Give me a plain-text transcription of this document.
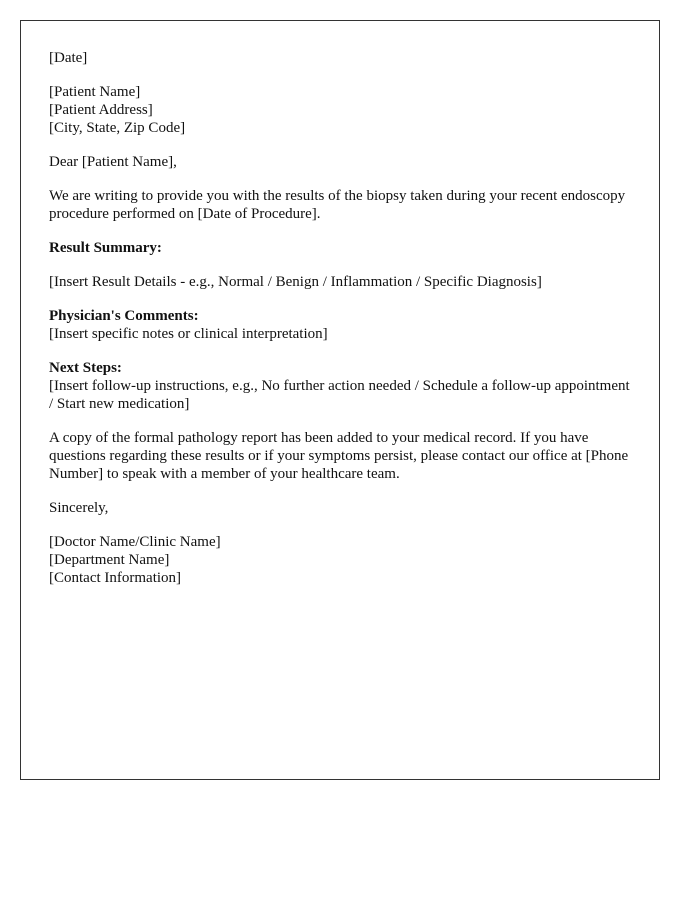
[Date]

[Patient Name]
[Patient Address]
[City, State, Zip Code]

Dear [Patient Name],

We are writing to provide you with the results of the biopsy taken during your recent endoscopy procedure performed on [Date of Procedure].

Result Summary:

[Insert Result Details - e.g., Normal / Benign / Inflammation / Specific Diagnosis]

Physician's Comments:
[Insert specific notes or clinical interpretation]
Next Steps:
[Insert follow-up instructions, e.g., No further action needed / Schedule a follow-up appointment / Start new medication]

A copy of the formal pathology report has been added to your medical record. If you have questions regarding these results or if your symptoms persist, please contact our office at [Phone Number] to speak with a member of your healthcare team.

Sincerely,

[Doctor Name/Clinic Name]
[Department Name]
[Contact Information]
